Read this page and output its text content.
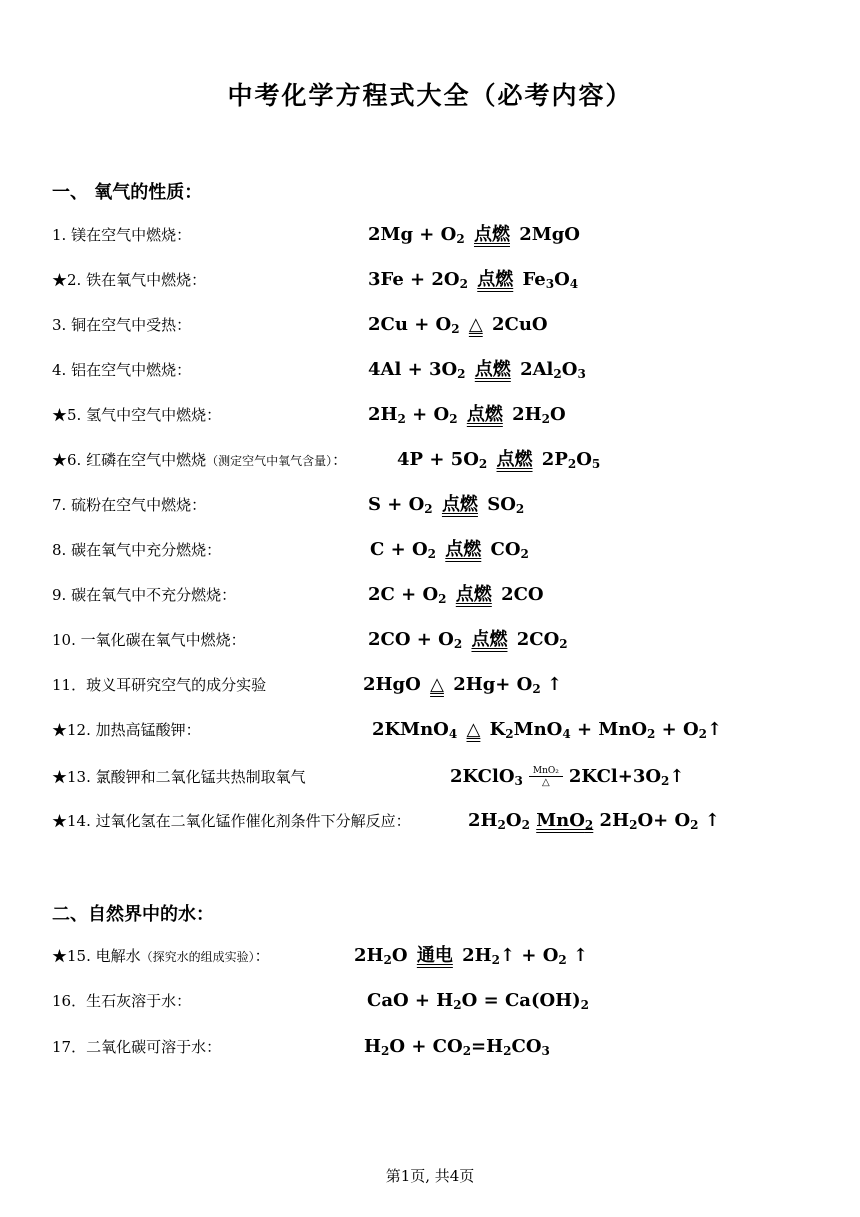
中考化学方程式大全（必考内容）
一、 氧气的性质：
1. 镁在空气中燃烧：	$2Mg + O_2$ 点燃 2MgO
★2. 铁在氧气中燃烧：	$3Fe + 2O_2$ 点燃 $Fe_3O_4$
3. 铜在空气中受热：	$2Cu + O_2$ △ 2CuO
4. 铝在空气中燃烧：	$4Al + 3O_2$ 点燃 $2Al_2O_3$
★5. 氢气中空气中燃烧：	$2H_2 + O_2$ 点燃 $2H_2O$
★6. 红磷在空气中燃烧（测定空气中氧气含量）：	$4P + 5O_2$ 点燃 $2P_2O_5$
7. 硫粉在空气中燃烧：	$S + O_2$ 点燃 $SO_2$
8. 碳在氧气中充分燃烧：	$C + O_2$ 点燃 $CO_2$
9. 碳在氧气中不充分燃烧：	$2C + O_2$ 点燃 2CO
10. 一氧化碳在氧气中燃烧：	$2CO + O_2$ 点燃 $2CO_2$
11．玻义耳研究空气的成分实验	2HgO △ $2Hg+ O_2$ ↑
★12. 加热高锰酸钾：	2KMnO$_4$ △ $K_2MnO_4 + MnO_2$ + $O_2↑$
★13. 氯酸钾和二氧化锰共热制取氧气	2KClO$_3$ $\frac{\text{MnO₂}}{\triangle}$ $2KCl+3O_2↑$
★14. 过氧化氢在二氧化锰作催化剂条件下分解反应：	$2H_2O_2$ MnO$_2$ $2H_2O+ O_2$ ↑
二、自然界中的水：
★15. 电解水（探究水的组成实验）：	$2H_2O$ 通电 $2H_2↑ + O_2$ ↑
16．生石灰溶于水：	CaO + $H_2O = Ca(OH)_2$
17．二氧化碳可溶于水：	$H_2O + CO_2=H_2CO_3$
第1页, 共4页
